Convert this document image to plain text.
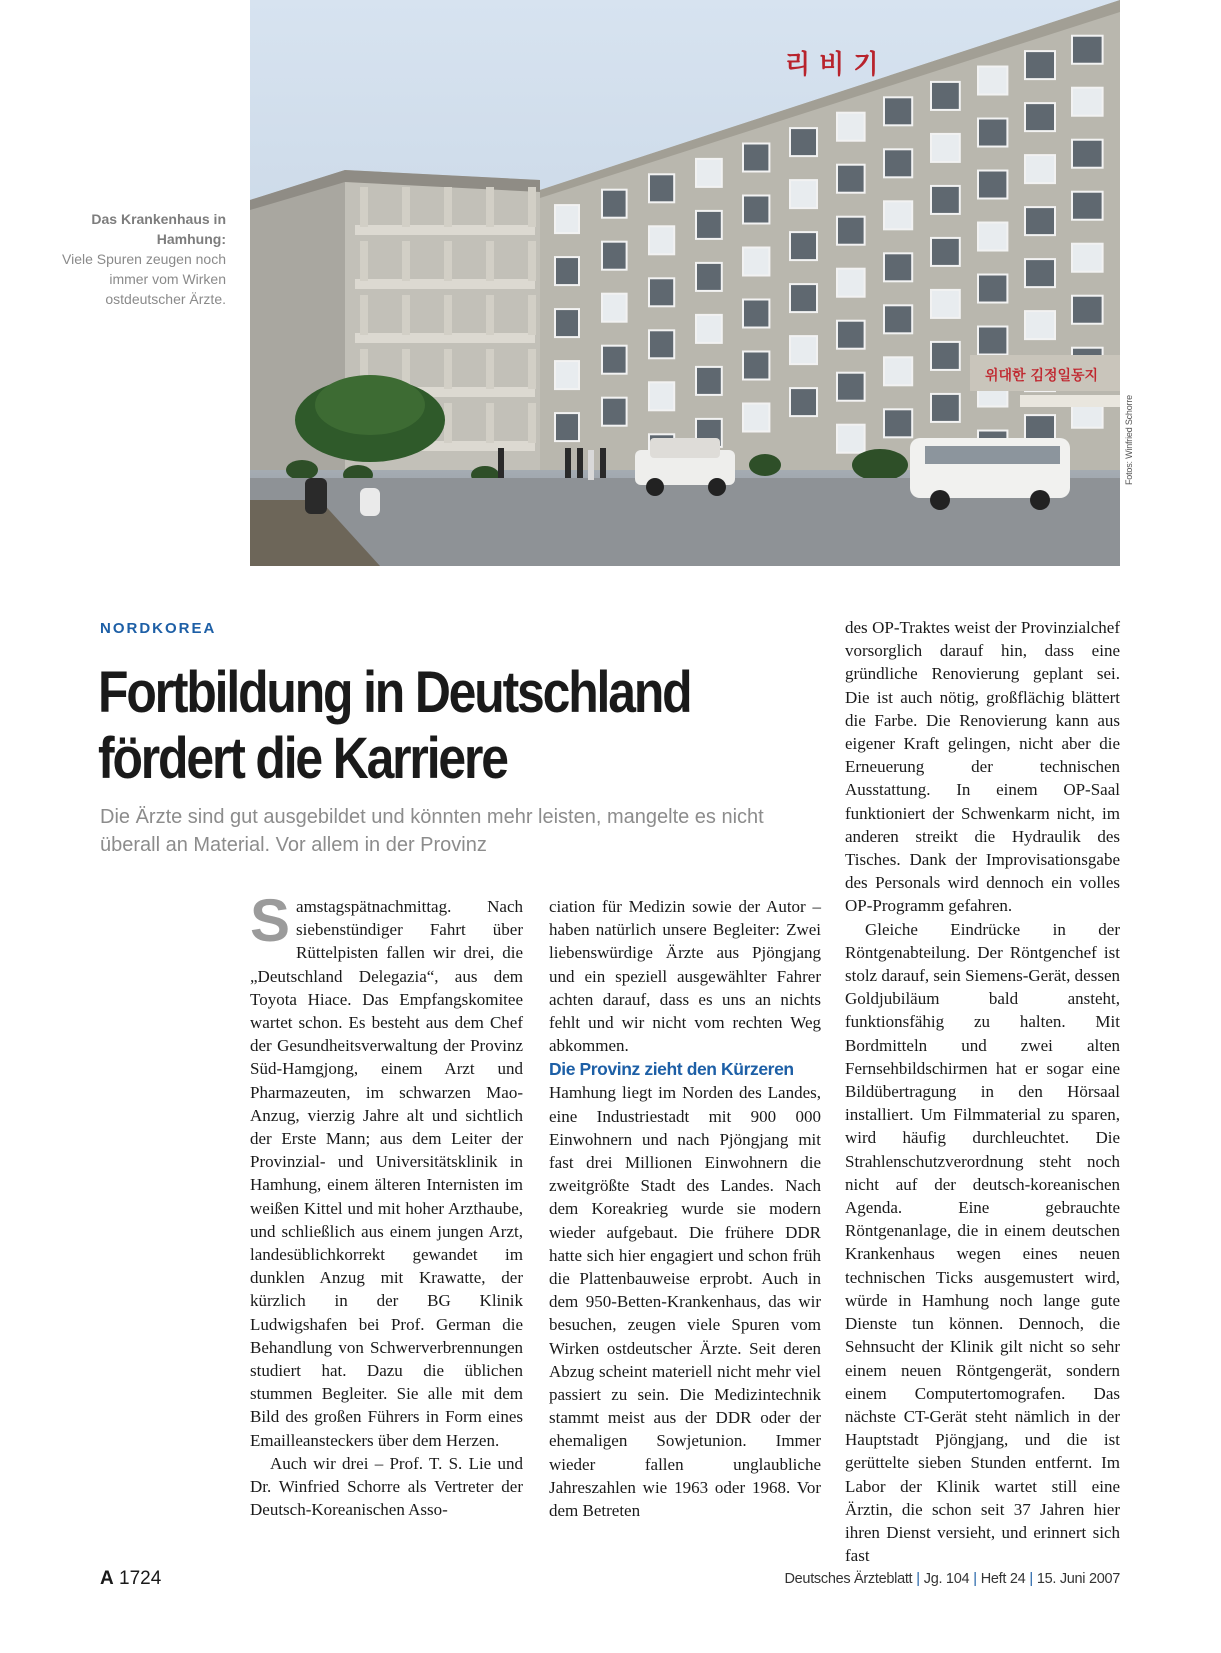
리 비 기
위대한 김정일동지
Das Krankenhaus in Hamhung:
Viele Spuren zeugen noch immer vom Wirken ostdeutscher Ärzte.
Fotos: Winfried Schorre
NORDKOREA
Fortbildung in Deutschland
fördert die Karriere
Die Ärzte sind gut ausgebildet und könnten mehr leisten, mangelte es nicht überall an Material. Vor allem in der Provinz

Samstagspätnachmittag. Nach siebenstündiger Fahrt über Rüttelpisten fallen wir drei, die „Deutschland Delegazia“, aus dem Toyota Hiace. Das Empfangskomitee wartet schon. Es besteht aus dem Chef der Gesundheitsverwaltung der Provinz Süd-Hamgjong, einem Arzt und Pharmazeuten, im schwarzen Mao-Anzug, vierzig Jahre alt und sichtlich der Erste Mann; aus dem Leiter der Provinzial- und Universitätsklinik in Hamhung, einem älteren Internisten im weißen Kittel und mit hoher Arzthaube, und schließlich aus einem jungen Arzt, landesüblichkorrekt gewandet im dunklen Anzug mit Krawatte, der kürzlich in der BG Klinik Ludwigshafen bei Prof. German die Behandlung von Schwerverbrennungen studiert hat. Dazu die üblichen stummen Begleiter. Sie alle mit dem Bild des großen Führers in Form eines Emailleansteckers über dem Herzen.

Auch wir drei – Prof. T. S. Lie und Dr. Winfried Schorre als Vertreter der Deutsch-Koreanischen Asso-

ciation für Medizin sowie der Autor – haben natürlich unsere Begleiter: Zwei liebenswürdige Ärzte aus Pjöngjang und ein speziell ausgewählter Fahrer achten darauf, dass es uns an nichts fehlt und wir nicht vom rechten Weg abkommen.

Die Provinz zieht den Kürzeren

Hamhung liegt im Norden des Landes, eine Industriestadt mit 900 000 Einwohnern und nach Pjöngjang mit fast drei Millionen Einwohnern die zweitgrößte Stadt des Landes. Nach dem Koreakrieg wurde sie modern wieder aufgebaut. Die frühere DDR hatte sich hier engagiert und schon früh die Plattenbauweise erprobt. Auch in dem 950-Betten-Krankenhaus, das wir besuchen, zeugen viele Spuren vom Wirken ostdeutscher Ärzte. Seit deren Abzug scheint materiell nicht mehr viel passiert zu sein. Die Medizintechnik stammt meist aus der DDR oder der ehemaligen Sowjetunion. Immer wieder fallen unglaubliche Jahreszahlen wie 1963 oder 1968. Vor dem Betreten

des OP-Traktes weist der Provinzialchef vorsorglich darauf hin, dass eine gründliche Renovierung geplant sei. Die ist auch nötig, großflächig blättert die Farbe. Die Renovierung kann aus eigener Kraft gelingen, nicht aber die Erneuerung der technischen Ausstattung. In einem OP-Saal funktioniert der Schwenkarm nicht, im anderen streikt die Hydraulik des Tisches. Dank der Improvisationsgabe des Personals wird dennoch ein volles OP-Programm gefahren.

Gleiche Eindrücke in der Röntgenabteilung. Der Röntgenchef ist stolz darauf, sein Siemens-Gerät, dessen Goldjubiläum bald ansteht, funktionsfähig zu halten. Mit Bordmitteln und zwei alten Fernsehbildschirmen hat er sogar eine Bildübertragung in den Hörsaal installiert. Um Filmmaterial zu sparen, wird häufig durchleuchtet. Die Strahlenschutzverordnung steht noch nicht auf der deutsch-koreanischen Agenda. Eine gebrauchte Röntgenanlage, die in einem deutschen Krankenhaus wegen eines neuen technischen Ticks ausgemustert wird, würde in Hamhung noch lange gute Dienste tun können. Dennoch, die Sehnsucht der Klinik gilt nicht so sehr einem neuen Röntgengerät, sondern einem Computertomografen. Das nächste CT-Gerät steht nämlich in der Hauptstadt Pjöngjang, und die ist gerüttelte sieben Stunden entfernt. Im Labor der Klinik wartet still eine Ärztin, die schon seit 37 Jahren hier ihren Dienst versieht, und erinnert sich fast

A 1724	Deutsches Ärzteblatt | Jg. 104 | Heft 24 | 15. Juni 2007
